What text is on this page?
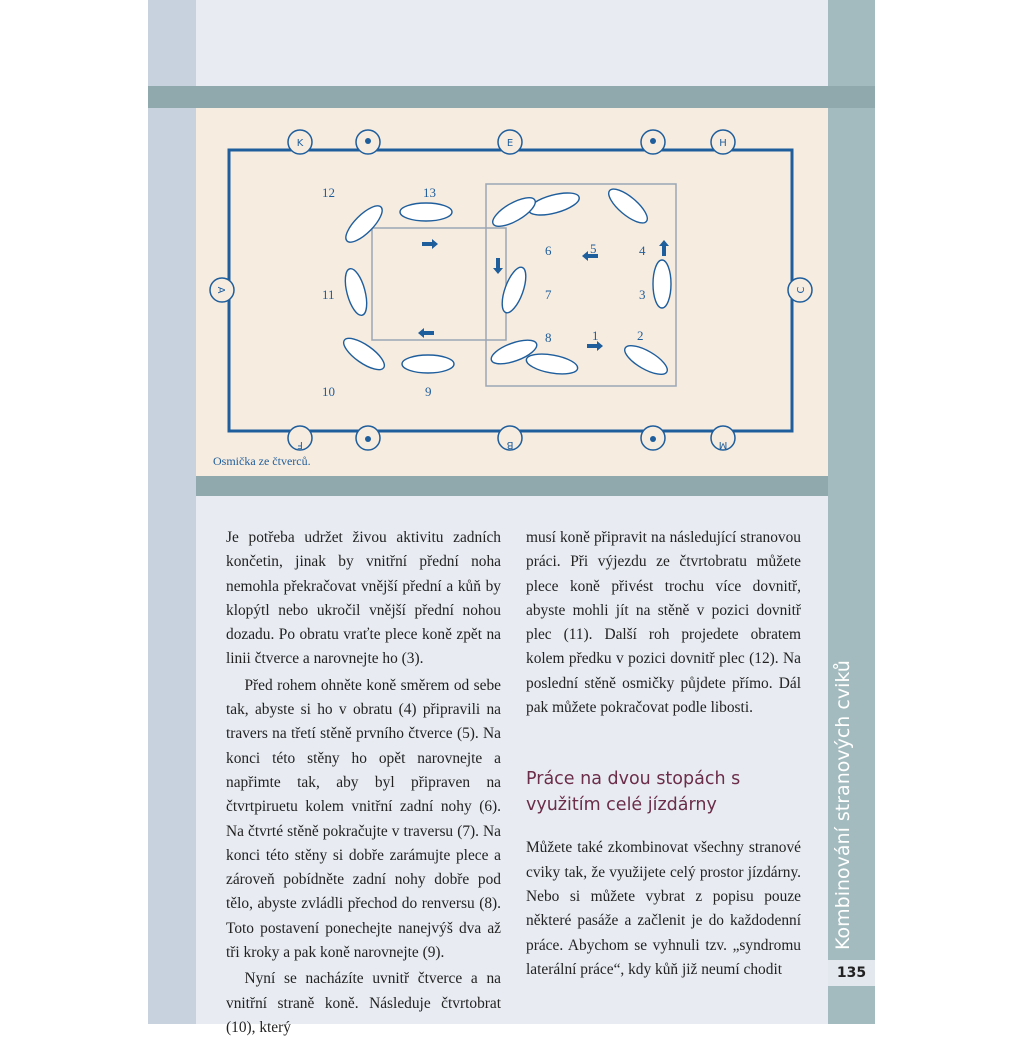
K	E	H
F	B	M
A	C
1	2
3
4
5
6
7
8
9
10
11
12	13
Osmička ze čtverců.

Je potřeba udržet živou aktivitu zadních končetin, jinak by vnitřní přední noha nemohla překračovat vnější přední a kůň by klopýtl nebo ukročil vnější přední nohou dozadu. Po obratu vraťte plece koně zpět na linii čtverce a narovnejte ho (3).

Před rohem ohněte koně směrem od sebe tak, abyste si ho v obratu (4) připravili na travers na třetí stěně prvního čtverce (5). Na konci této stěny ho opět narovnejte a napřimte tak, aby byl připraven na čtvrtpiruetu kolem vnitřní zadní nohy (6). Na čtvrté stěně pokračujte v traversu (7). Na konci této stěny si dobře zarámujte plece a zároveň pobídněte zadní nohy dobře pod tělo, abyste zvládli přechod do renversu (8). Toto postavení ponechejte nanejvýš dva až tři kroky a pak koně narovnejte (9).

Nyní se nacházíte uvnitř čtverce a na vnitřní straně koně. Následuje čtvrtobrat (10), který

musí koně připravit na následující stranovou práci. Při výjezdu ze čtvrtobratu můžete plece koně přivést trochu více dovnitř, abyste mohli jít na stěně v pozici dovnitř plec (11). Další roh projedete obratem kolem předku v pozici dovnitř plec (12). Na poslední stěně osmičky půjdete přímo. Dál pak můžete pokračovat podle libosti.

Práce na dvou stopách s využitím celé jízdárny

Můžete také zkombinovat všechny stranové cviky tak, že využijete celý prostor jízdárny. Nebo si můžete vybrat z popisu pouze některé pasáže a začlenit je do každodenní práce. Abychom se vyhnuli tzv. „syndromu laterální práce“, kdy kůň již neumí chodit

Kombinování stranových cviků
135
